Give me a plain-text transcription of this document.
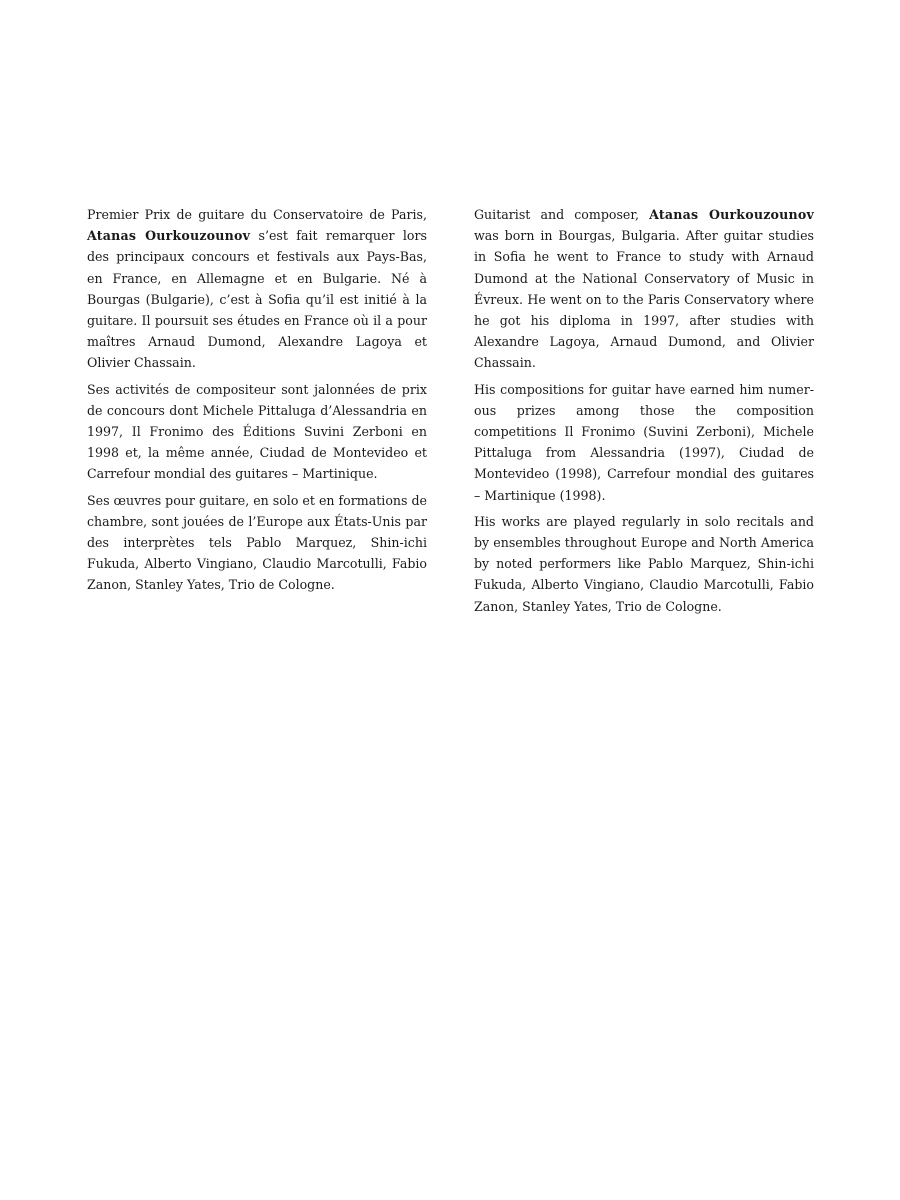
Premier Prix de guitare du Conservatoire de Paris, Atanas Ourkouzounov s’est fait remarquer lors des principaux concours et festivals aux Pays-Bas, en France, en Allemagne et en Bulgarie. Né à Bourgas (Bulgarie), c’est à Sofia qu’il est initié à la guitare. Il poursuit ses études en France où il a pour maîtres Arnaud Dumond, Alexandre Lagoya et Olivier Chassain.

Ses activités de compositeur sont jalonnées de prix de concours dont Michele Pittaluga d’Alessandria en 1997, Il Fronimo des Éditions Suvini Zerboni en 1998 et, la même année, Ciudad de Montevideo et Carrefour mondial des guitares – Martinique.

Ses œuvres pour guitare, en solo et en formations de chambre, sont jouées de l’Europe aux États-Unis par des interprètes tels Pablo Marquez, Shin-ichi Fukuda, Alberto Vingiano, Claudio Marcotulli, Fabio Zanon, Stanley Yates, Trio de Cologne.

Guitarist and composer, Atanas Ourkouzounov was born in Bourgas, Bulgaria. After guitar studies in Sofia he went to France to study with Arnaud Dumond at the National Conservatory of Music in Évreux. He went on to the Paris Conservatory where he got his diploma in 1997, after studies with Alexandre Lagoya, Arnaud Dumond, and Olivier Chassain.

His compositions for guitar have earned him numerous prizes among those the composition competitions Il Fronimo (Suvini Zerboni), Michele Pittaluga from Alessandria (1997), Ciudad de Montevideo (1998), Carrefour mondial des guitares – Martinique (1998).

His works are played regularly in solo recitals and by ensembles throughout Europe and North America by noted performers like Pablo Marquez, Shin-ichi Fukuda, Alberto Vingiano, Claudio Marcotulli, Fabio Zanon, Stanley Yates, Trio de Cologne.
